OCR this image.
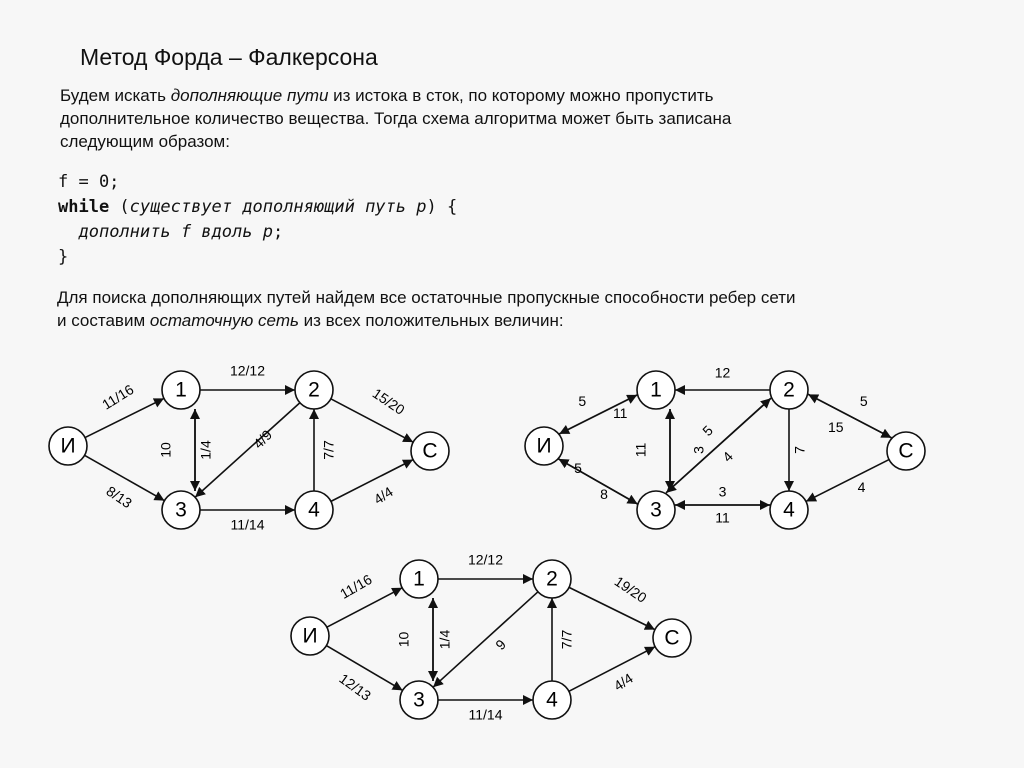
Метод Форда – Фалкерсона
Будем искать дополняющие пути из истока в сток, по которому можно пропустить
дополнительное количество вещества. Тогда схема алгоритма может быть записана
следующим образом:
f = 0;
while (существует дополняющий путь p) {
дополнить f вдоль p;
}
Для поиска дополняющих путей найдем все остаточные пропускные способности ребер сети
и составим остаточную сеть из всех положительных величин:
11/16
8/13
12/12
10 1/4	4/9	7/7
15/20
11/14
4/4
1	2
3	4
И	С
5
11
8
5
12
11	3
5
4	7
5
15
3
11
4
1	2
3	4
И	С
11/16
12/13
12/12
10 1/4	9	7/7
19/20
11/14
4/4
1	2
3	4
И	С
